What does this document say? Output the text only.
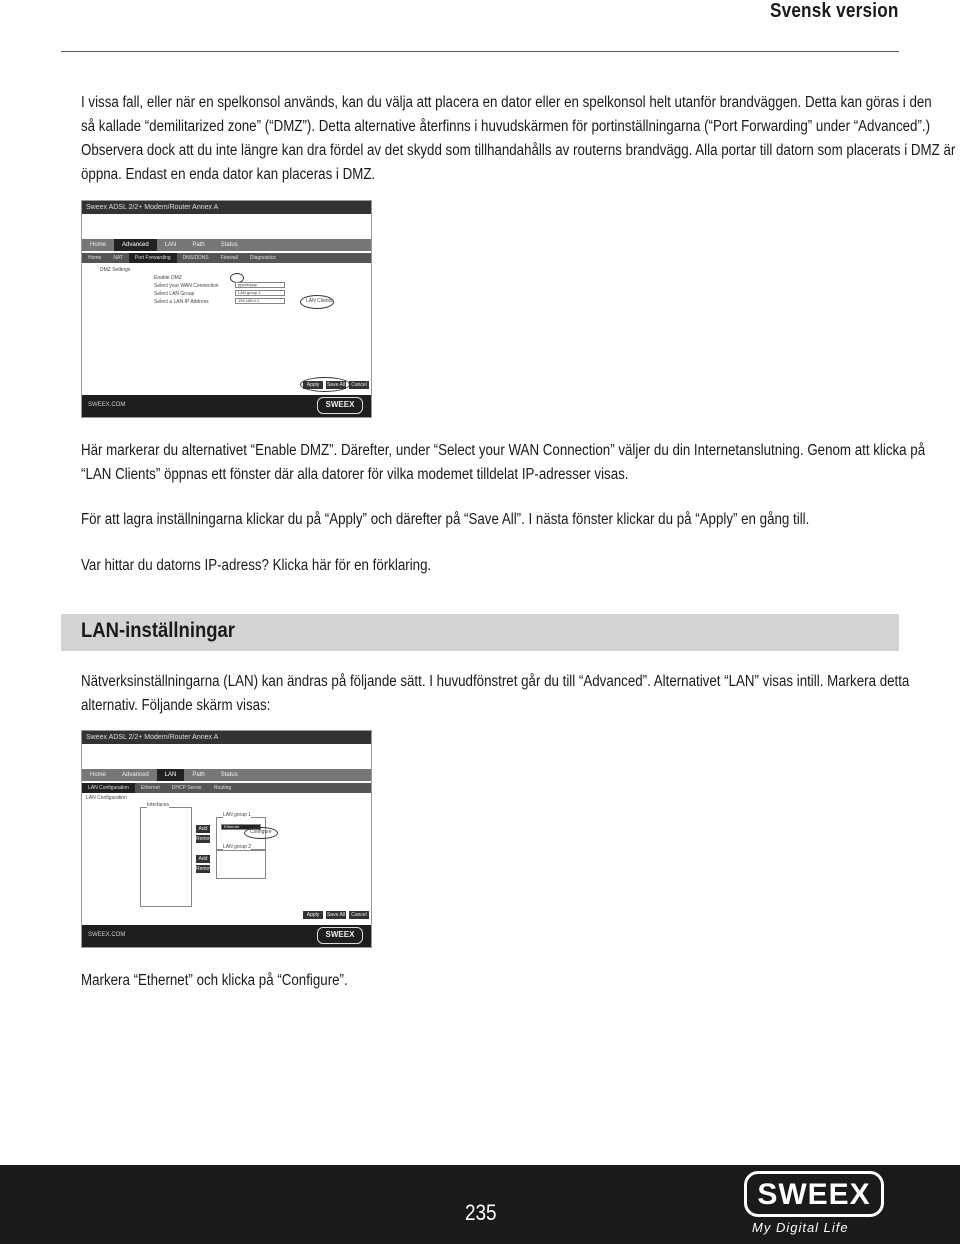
Svensk version
I vissa fall, eller när en spelkonsol används, kan du välja att placera en dator eller en spelkonsol helt utanför brandväggen. Detta kan göras i den
så kallade “demilitarized zone” (“DMZ”). Detta alternative återfinns i huvudskärmen för portinställningarna (“Port Forwarding” under “Advanced”.)
Observera dock att du inte längre kan dra fördel av det skydd som tillhandahålls av routerns brandvägg. Alla portar till datorn som placerats i DMZ är
öppna. Endast en enda dator kan placeras i DMZ.
Sweex ADSL 2/2+ Modem/Router Annex A
Home	Advanced	LAN	Path	Status
Home	NAT	Port Forwarding	DNS/DDNS	Firewall	Diagnostics
DMZ Settings
Enable DMZ
Select your WAN Connection
Select LAN Group
Select a LAN IP Address
pppoe/ppp
LAN group 1
192.168.0.1	LAN Clients
Apply	Save All	Cancel
SWEEX.COM	SWEEX
Här markerar du alternativet “Enable DMZ”. Därefter, under “Select your WAN Connection” väljer du din Internetanslutning. Genom att klicka på
“LAN Clients” öppnas ett fönster där alla datorer för vilka modemet tilldelat IP-adresser visas.
För att lagra inställningarna klickar du på “Apply” och därefter på “Save All”. I nästa fönster klickar du på “Apply” en gång till.
Var hittar du datorns IP-adress? Klicka här för en förklaring.
LAN-inställningar
Nätverksinställningarna (LAN) kan ändras på följande sätt. I huvudfönstret går du till “Advanced”. Alternativet “LAN” visas intill. Markera detta
alternativ. Följande skärm visas:
Sweex ADSL 2/2+ Modem/Router Annex A
Home	Advanced	LAN	Path	Status
LAN Configuration	Ethernet	DHCP Server	Routing
LAN Configuration
Interfaces
Add
Remove
LAN group 1
Ethernet
Configure
Add
Remove
LAN group 2
Apply	Save All	Cancel
SWEEX.COM	SWEEX
Markera “Ethernet” och klicka på “Configure”.
235
SWEEX
My Digital Life
